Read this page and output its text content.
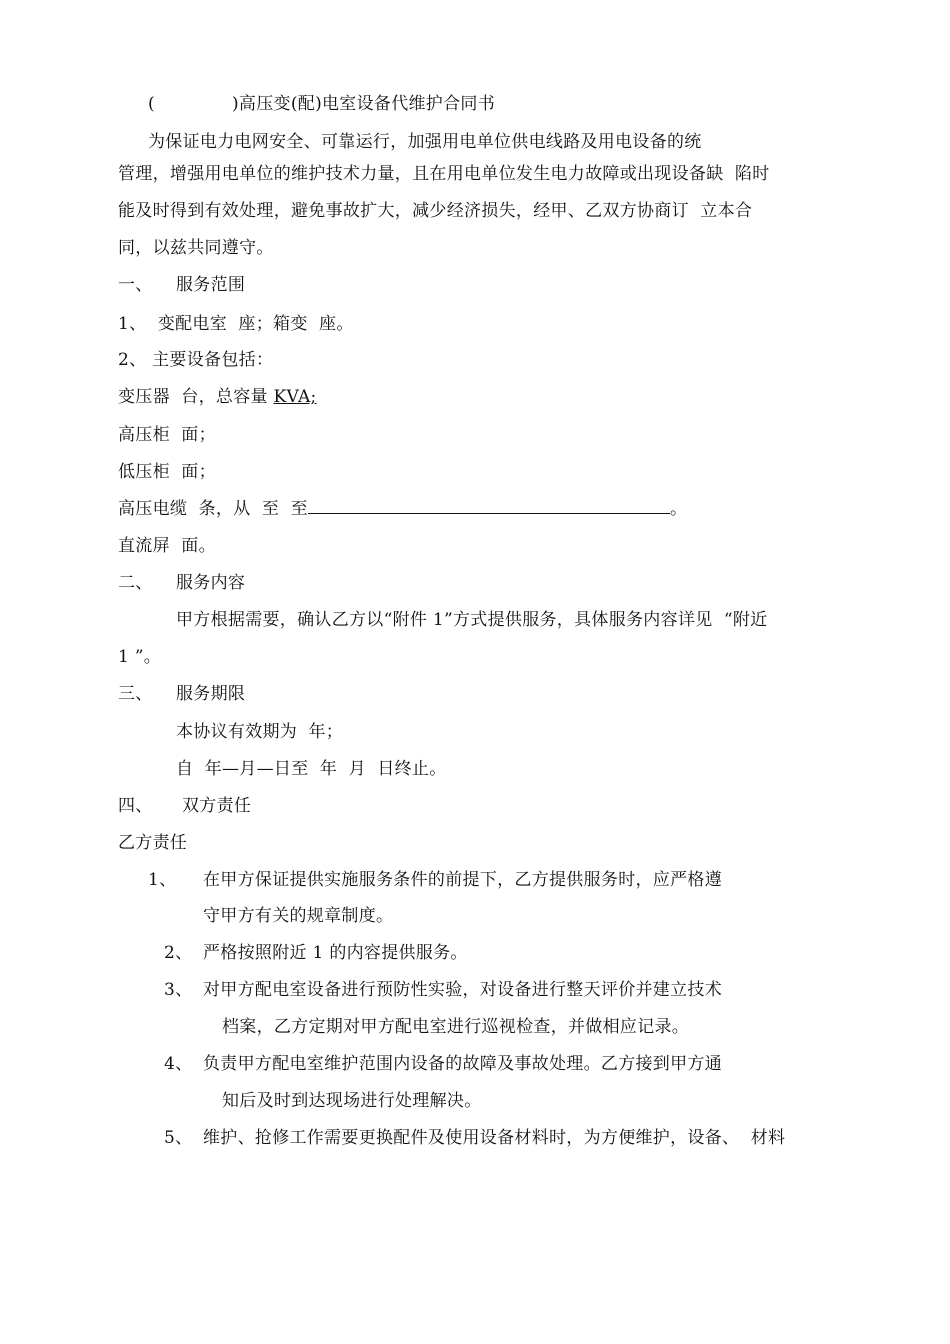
(	)高压变(配)电室设备代维护合同书
为保证电力电网安全、可靠运行，加强用电单位供电线路及用电设备的统
管理，增强用电单位的维护技术力量，且在用电单位发生电力故障或出现设备缺  陷时
能及时得到有效处理，避免事故扩大，减少经济损失，经甲、乙双方协商订  立本合
同，以兹共同遵守。
一、 服务范围
1、  变配电室  座；箱变  座。
2、 主要设备包括：
变压器  台，总容量 KVA;
高压柜  面；
低压柜  面；
高压电缆  条，从  至  至	。
直流屏  面。
二、 服务内容
甲方根据需要，确认乙方以“附件 1”方式提供服务，具体服务内容详见  “附近
1 ”。
三、 服务期限
本协议有效期为  年；
自  年—月—日至  年  月  日终止。
四、 双方责任
乙方责任
1、 在甲方保证提供实施服务条件的前提下，乙方提供服务时，应严格遵
守甲方有关的规章制度。
2、 严格按照附近 1 的内容提供服务。
3、 对甲方配电室设备进行预防性实验，对设备进行整天评价并建立技术
档案，乙方定期对甲方配电室进行巡视检查，并做相应记录。
4、 负责甲方配电室维护范围内设备的故障及事故处理。乙方接到甲方通
知后及时到达现场进行处理解决。
5、 维护、抢修工作需要更换配件及使用设备材料时，为方便维护，设备、  材料
